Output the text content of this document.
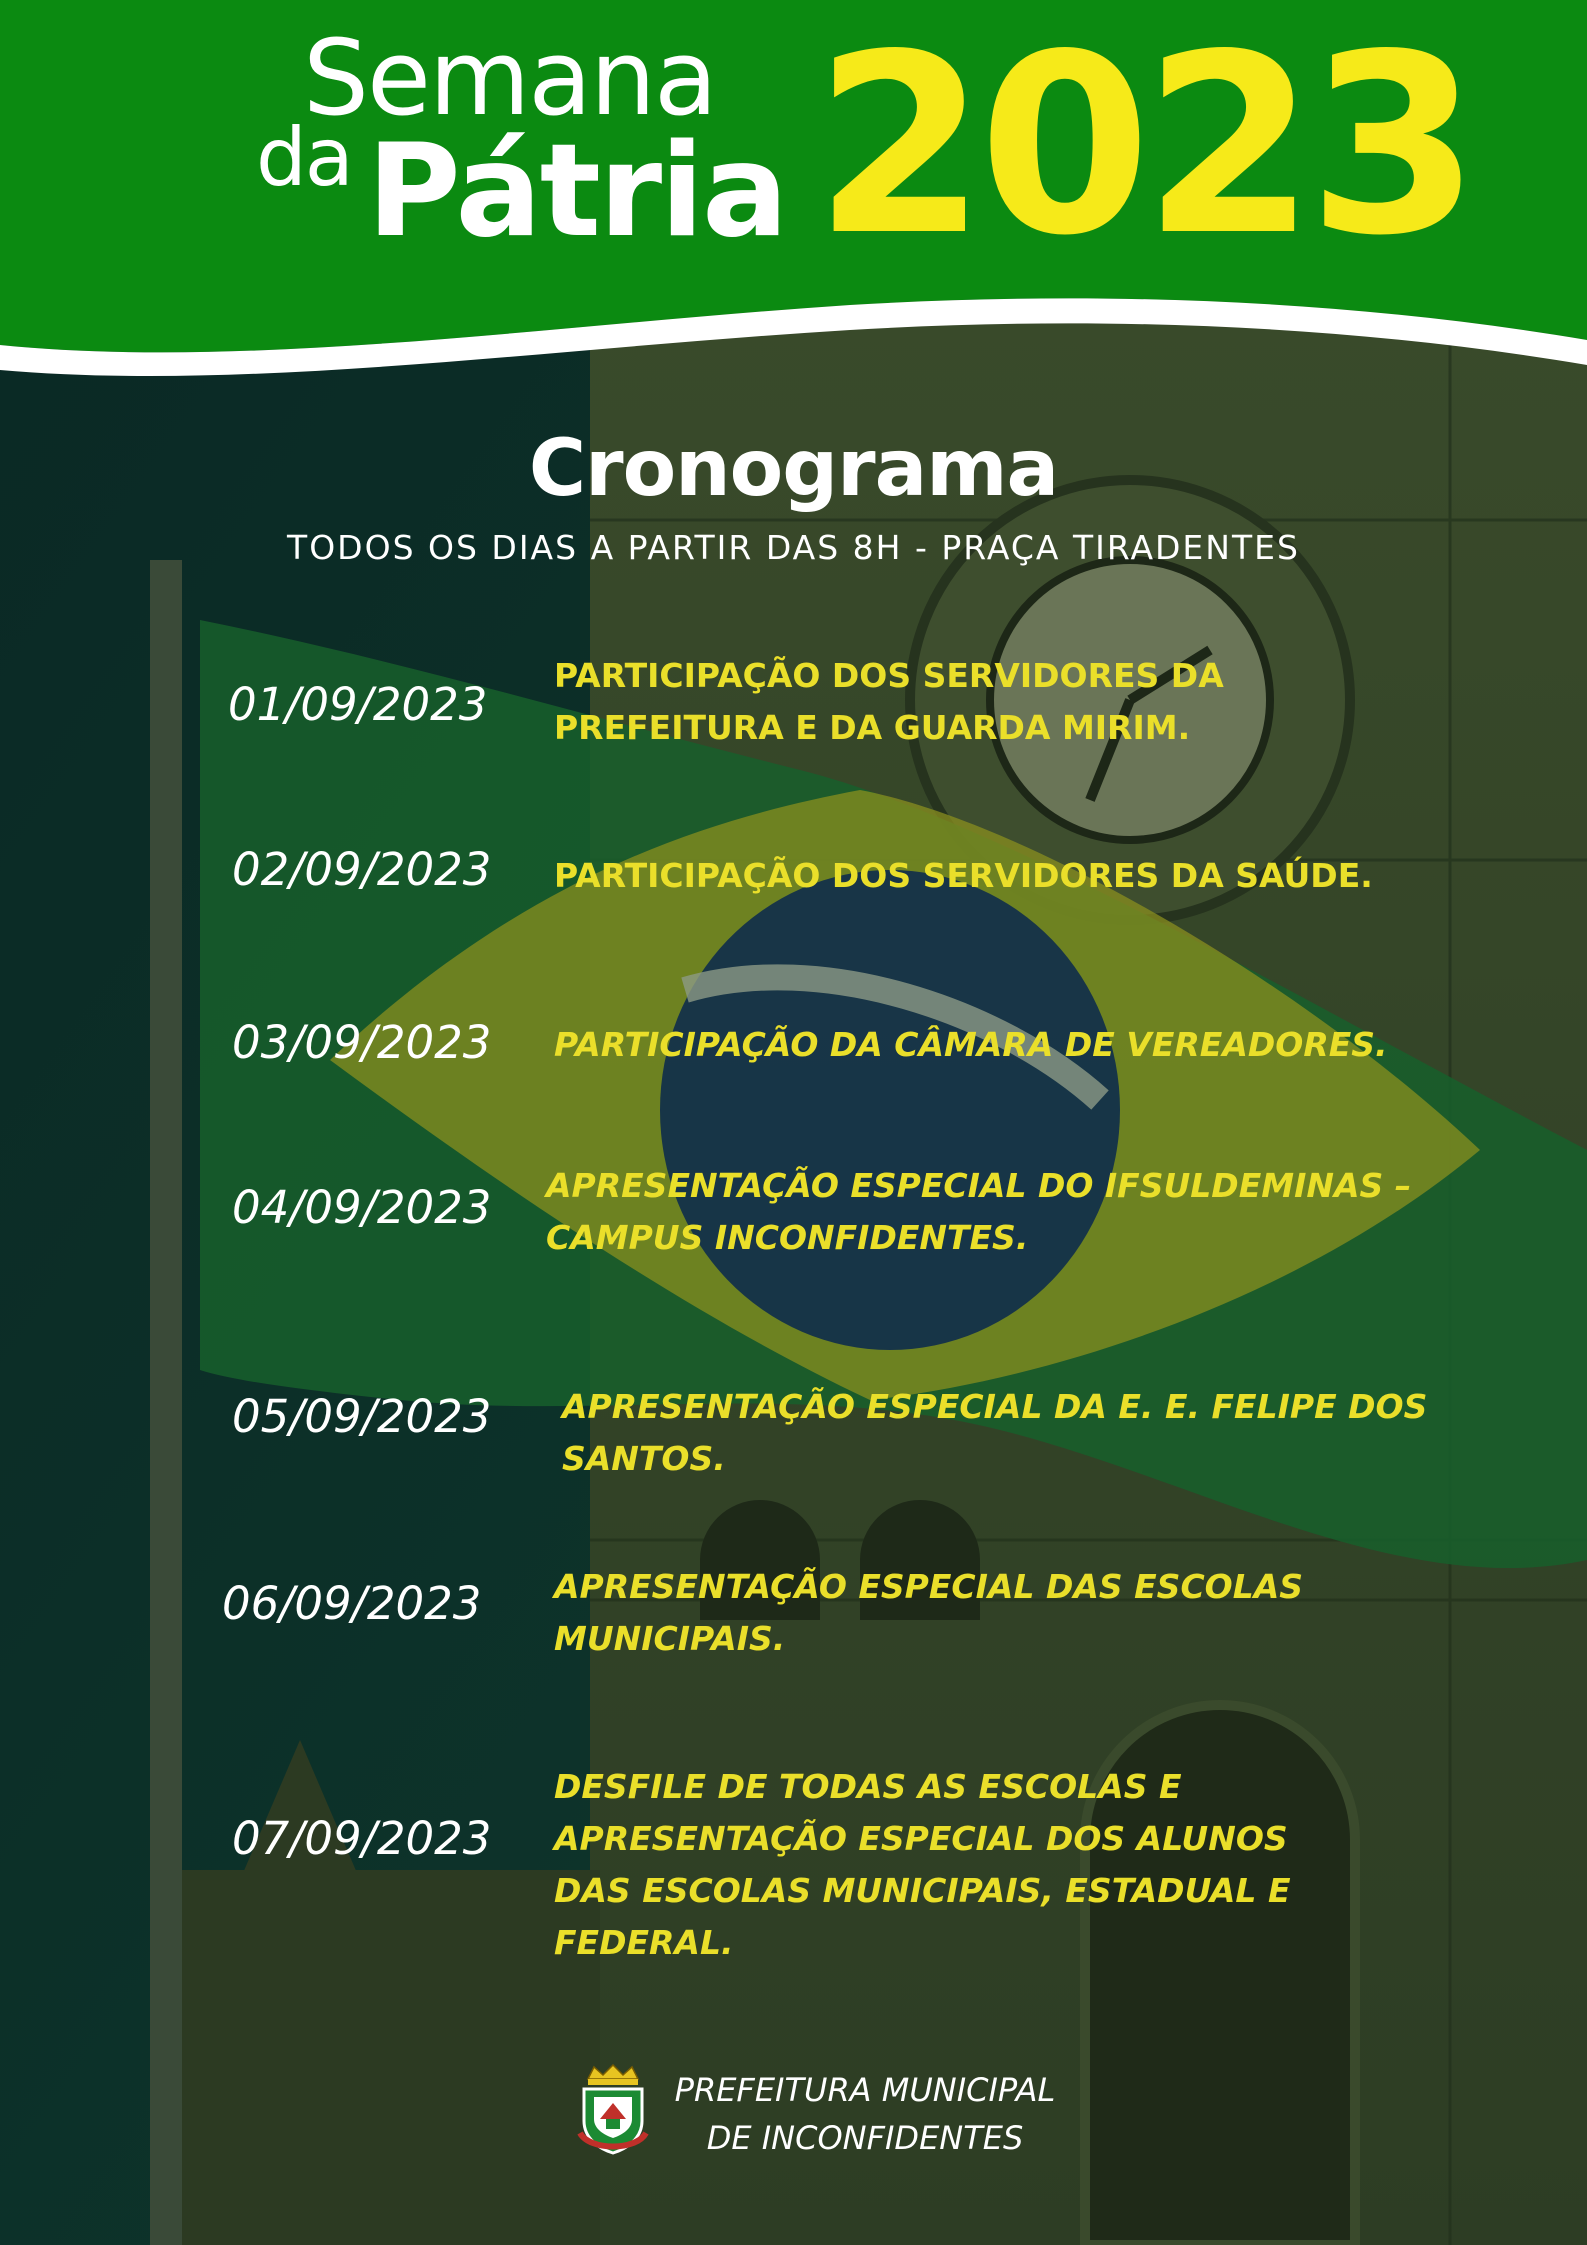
Semana
da Pátria 2023
Cronograma
TODOS OS DIAS A PARTIR DAS 8H - PRAÇA TIRADENTES
01/09/2023
PARTICIPAÇÃO DOS SERVIDORES DA
PREFEITURA E DA GUARDA MIRIM.
02/09/2023 PARTICIPAÇÃO DOS SERVIDORES DA SAÚDE.
03/09/2023 PARTICIPAÇÃO DA CÂMARA DE VEREADORES.
04/09/2023 APRESENTAÇÃO ESPECIAL DO IFSULDEMINAS –
CAMPUS INCONFIDENTES.
05/09/2023 APRESENTAÇÃO ESPECIAL DA E. E. FELIPE DOS
SANTOS.
06/09/2023 APRESENTAÇÃO ESPECIAL DAS ESCOLAS
MUNICIPAIS.
07/09/2023
DESFILE DE TODAS AS ESCOLAS E
APRESENTAÇÃO ESPECIAL DOS ALUNOS
DAS ESCOLAS MUNICIPAIS, ESTADUAL E
FEDERAL.
PREFEITURA MUNICIPAL
DE INCONFIDENTES
